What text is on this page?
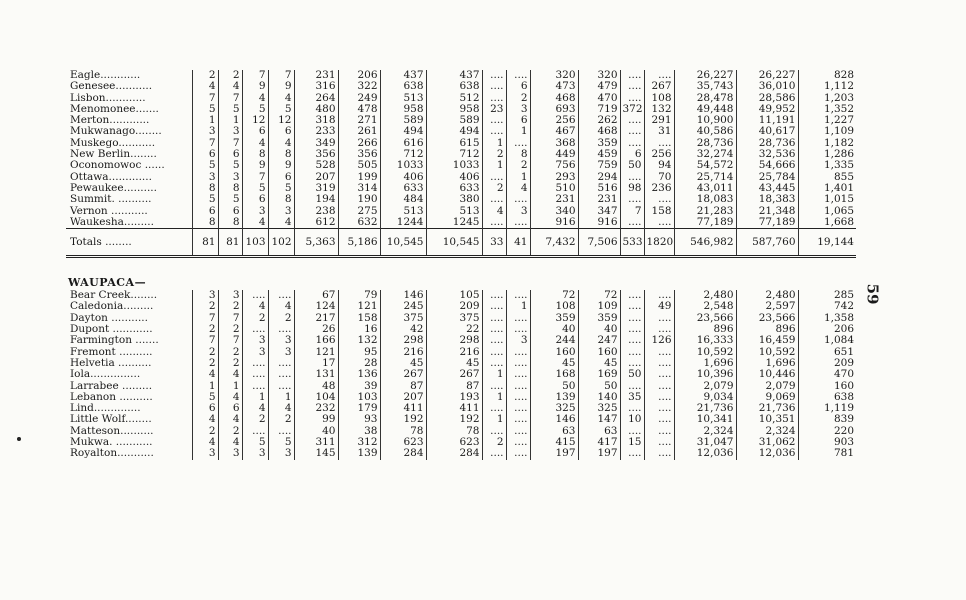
Eagle............	2	2	7	7	231	206	437	437	....	....	320	320	....	....	26,227	26,227	828
Genesee...........	4	4	9	9	316	322	638	638	....	6	473	479	....	267	35,743	36,010	1,112
Lisbon............	7	7	4	4	264	249	513	512	....	2	468	470	....	108	28,478	28,586	1,203
Menomonee.......	5	5	5	5	480	478	958	958	23	3	693	719	372	132	49,448	49,952	1,352
Merton............	1	1	12	12	318	271	589	589	....	6	256	262	....	291	10,900	11,191	1,227
Mukwanago........	3	3	6	6	233	261	494	494	....	1	467	468	....	31	40,586	40,617	1,109
Muskego...........	7	7	4	4	349	266	616	615	1	....	368	359	....	....	28,736	28,736	1,182
New Berlin........	6	6	8	8	356	356	712	712	2	8	449	459	6	256	32,274	32,536	1,286
Oconomowoc ......	5	5	9	9	528	505	1033	1033	1	2	756	759	50	94	54,572	54,666	1,335
Ottawa.............	3	3	7	6	207	199	406	406	....	1	293	294	....	70	25,714	25,784	855
Pewaukee..........	8	8	5	5	319	314	633	633	2	4	510	516	98	236	43,011	43,445	1,401
Summit. ..........	5	5	6	8	194	190	484	380	....	....	231	231	....	....	18,083	18,383	1,015
Vernon ...........	6	6	3	3	238	275	513	513	4	3	340	347	7	158	21,283	21,348	1,065
Waukesha.........	8	8	4	4	612	632	1244	1245	....	....	916	916	....	....	77,189	77,189	1,668
Totals ........	81	81	103	102	5,363	5,186	10,545	10,545	33	41	7,432	7,506	533	1820	546,982	587,760	19,144

WAUPACA—																	
Bear Creek........	3	3	....	....	67	79	146	105	....	....	72	72	....	....	2,480	2,480	285
Caledonia.........	2	2	4	4	124	121	245	209	....	1	108	109	....	49	2,548	2,597	742
Dayton ...........	7	7	2	2	217	158	375	375	....	....	359	359	....	....	23,566	23,566	1,358
Dupont ............	2	2	....	....	26	16	42	22	....	....	40	40	....	....	896	896	206
Farmington .......	7	7	3	3	166	132	298	298	....	3	244	247	....	126	16,333	16,459	1,084
Fremont ..........	2	2	3	3	121	95	216	216	....	....	160	160	....	....	10,592	10,592	651
Helvetia ..........	2	2	....	....	17	28	45	45	....	....	45	45	....	....	1,696	1,696	209
Iola...............	4	4	....	....	131	136	267	267	1	....	168	169	50	....	10,396	10,446	470
Larrabee .........	1	1	....	....	48	39	87	87	....	....	50	50	....	....	2,079	2,079	160
Lebanon ..........	5	4	1	1	104	103	207	193	1	....	139	140	35	....	9,034	9,069	638
Lind..............	6	6	4	4	232	179	411	411	....	....	325	325	....	....	21,736	21,736	1,119
Little Wolf........	4	4	2	2	99	93	192	192	1	....	146	147	10	....	10,341	10,351	839
Matteson..........	2	2	....	....	40	38	78	78	....	....	63	63	....	....	2,324	2,324	220
Mukwa. ...........	4	4	5	5	311	312	623	623	2	....	415	417	15	....	31,047	31,062	903
Royalton...........	3	3	3	3	145	139	284	284	....	....	197	197	....	....	12,036	12,036	781
59
